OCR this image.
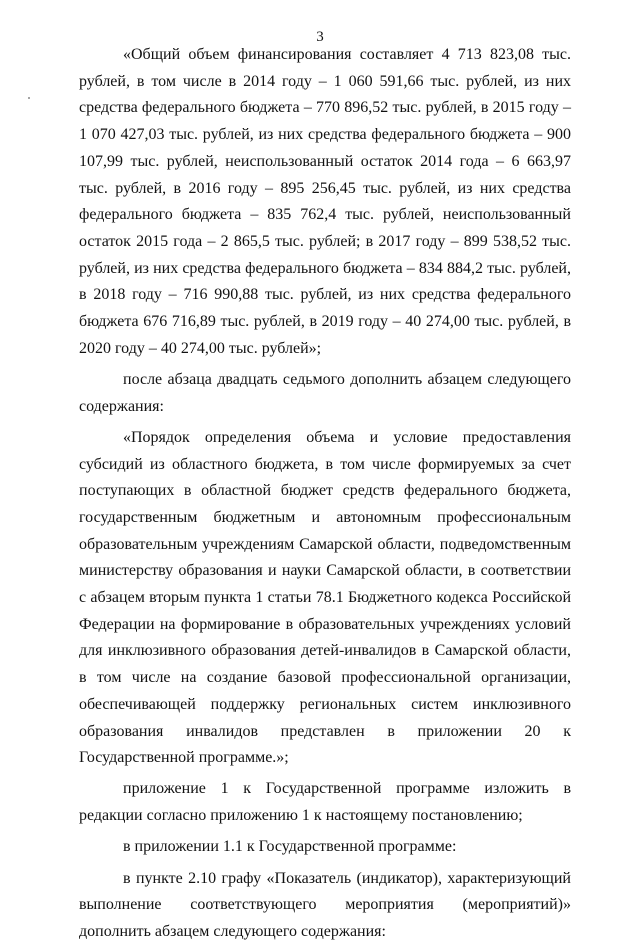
3

«Общий объем финансирования составляет 4 713 823,08 тыс. рублей, в том числе в 2014 году – 1 060 591,66 тыс. рублей, из них средства федерального бюджета – 770 896,52 тыс. рублей, в 2015 году – 1 070 427,03 тыс. рублей, из них средства федерального бюджета – 900 107,99 тыс. рублей, неиспользованный остаток 2014 года – 6 663,97 тыс. рублей, в 2016 году – 895 256,45 тыс. рублей, из них средства федерального бюджета – 835 762,4 тыс. рублей, неиспользованный остаток 2015 года – 2 865,5 тыс. рублей; в 2017 году – 899 538,52 тыс. рублей, из них средства федерального бюджета – 834 884,2 тыс. рублей, в 2018 году – 716 990,88 тыс. рублей, из них средства федерального бюджета 676 716,89 тыс. рублей, в 2019 году – 40 274,00 тыс. рублей, в 2020 году – 40 274,00 тыс. рублей»;

после абзаца двадцать седьмого дополнить абзацем следующего содержания:

«Порядок определения объема и условие предоставления субсидий из областного бюджета, в том числе формируемых за счет поступающих в областной бюджет средств федерального бюджета, государственным бюджетным и автономным профессиональным образовательным учреждениям Самарской области, подведомственным министерству образования и науки Самарской области, в соответствии с абзацем вторым пункта 1 статьи 78.1 Бюджетного кодекса Российской Федерации на формирование в образовательных учреждениях условий для инклюзивного образования детей-инвалидов в Самарской области, в том числе на создание базовой профессиональной организации, обеспечивающей поддержку региональных систем инклюзивного образования инвалидов представлен в приложении 20 к Государственной программе.»;

приложение 1 к Государственной программе изложить в редакции согласно приложению 1 к настоящему постановлению;

в приложении 1.1 к Государственной программе:

в пункте 2.10 графу «Показатель (индикатор), характеризующий выполнение соответствующего мероприятия (мероприятий)» дополнить абзацем следующего содержания:
